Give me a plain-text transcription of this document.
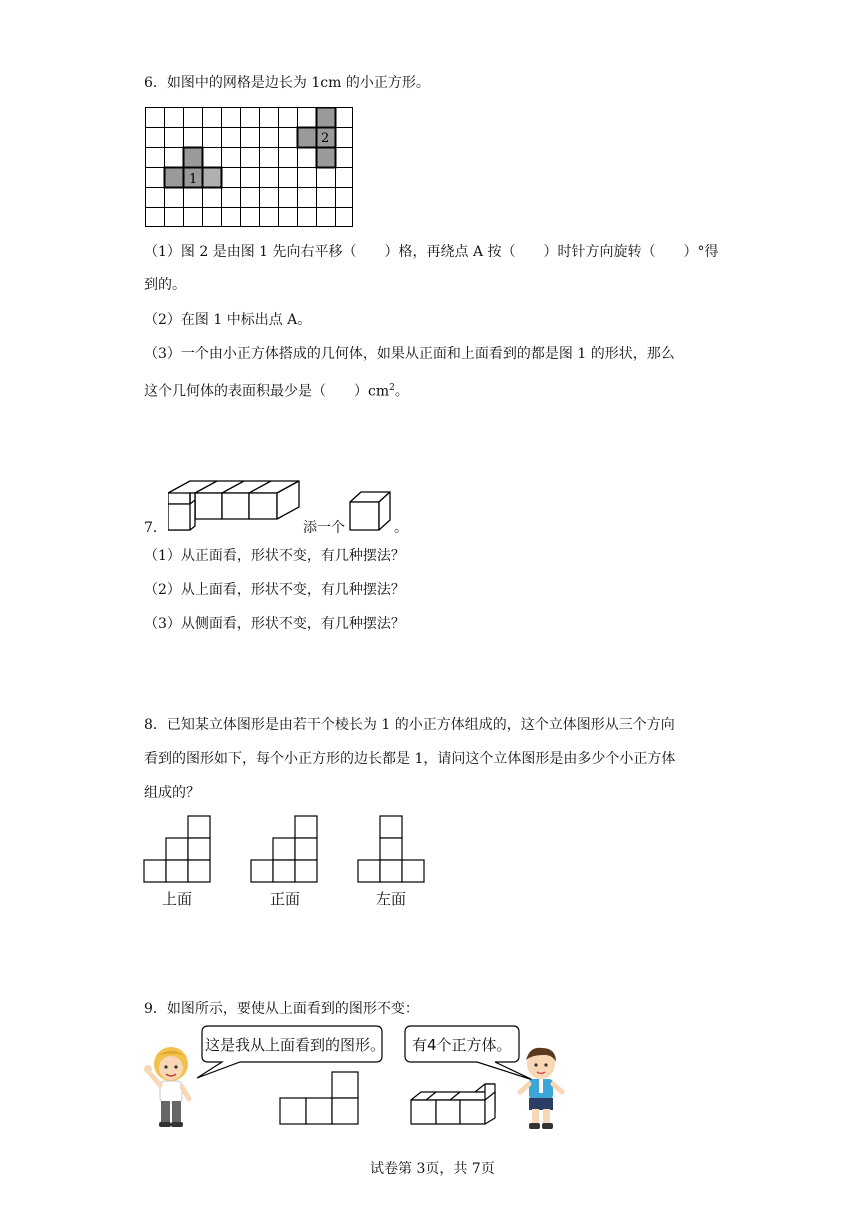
6．如图中的网格是边长为 1cm 的小正方形。
1
2
（1）图 2 是由图 1 先向右平移（　　）格，再绕点 A 按（　　）时针方向旋转（　　）°得
到的。
（2）在图 1 中标出点 A。
（3）一个由小正方体搭成的几何体，如果从正面和上面看到的都是图 1 的形状，那么
这个几何体的表面积最少是（　　）$cm^2$。
7．	添一个	。
（1）从正面看，形状不变，有几种摆法？
（2）从上面看，形状不变，有几种摆法？
（3）从侧面看，形状不变，有几种摆法？
8．已知某立体图形是由若干个棱长为 1 的小正方体组成的，这个立体图形从三个方向
看到的图形如下，每个小正方形的边长都是 1，请问这个立体图形是由多少个小正方体
组成的？
上面	正面	左面
9．如图所示，要使从上面看到的图形不变：
这是我从上面看到的图形。 有4个正方体。
试卷第 3页，共 7页
